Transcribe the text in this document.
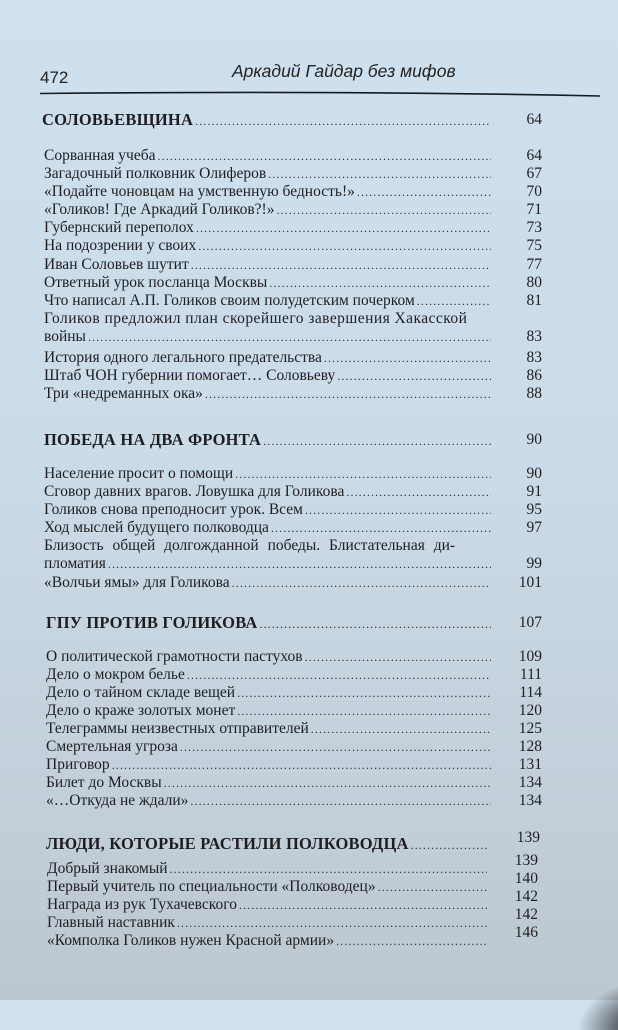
472	Аркадий Гайдар без мифов
СОЛОВЬЕВЩИНА .....	64
Сорванная учеба .....	64
Загадочный полковник Олиферов .....	67
«Подайте чоновцам на умственную бедность!» .....	70
«Голиков! Где Аркадий Голиков?!» .....	71
Губернский переполох .....	73
На подозрении у своих .....	75
Иван Соловьев шутит .....	77
Ответный урок посланца Москвы .....	80
Что написал А.П. Голиков своим полудетским почерком .....	81
Голиков предложил план скорейшего завершения Хакасской
войны .....	83
История одного легального предательства .....	83
Штаб ЧОН губернии помогает… Соловьеву .....	86
Три «недреманных ока» .....	88
ПОБЕДА НА ДВА ФРОНТА .....	90
Население просит о помощи .....	90
Сговор давних врагов. Ловушка для Голикова .....	91
Голиков снова преподносит урок. Всем .....	95
Ход мыслей будущего полководца .....	97
Близость общей долгожданной победы. Блистательная ди-
пломатия .....	99
«Волчьи ямы» для Голикова .....	101
ГПУ ПРОТИВ ГОЛИКОВА .....	107
О политической грамотности пастухов .....	109
Дело о мокром белье .....	111
Дело о тайном складе вещей .....	114
Дело о краже золотых монет .....	120
Телеграммы неизвестных отправителей .....	125
Смертельная угроза .....	128
Приговор .....	131
Билет до Москвы .....	134
«…Откуда не ждали» .....	134
ЛЮДИ, КОТОРЫЕ РАСТИЛИ ПОЛКОВОДЦА .....	139
Добрый знакомый .....	139
Первый учитель по специальности «Полководец» .....	140
Награда из рук Тухачевского .....	142
Главный наставник .....	142
«Комполка Голиков нужен Красной армии» .....	146
